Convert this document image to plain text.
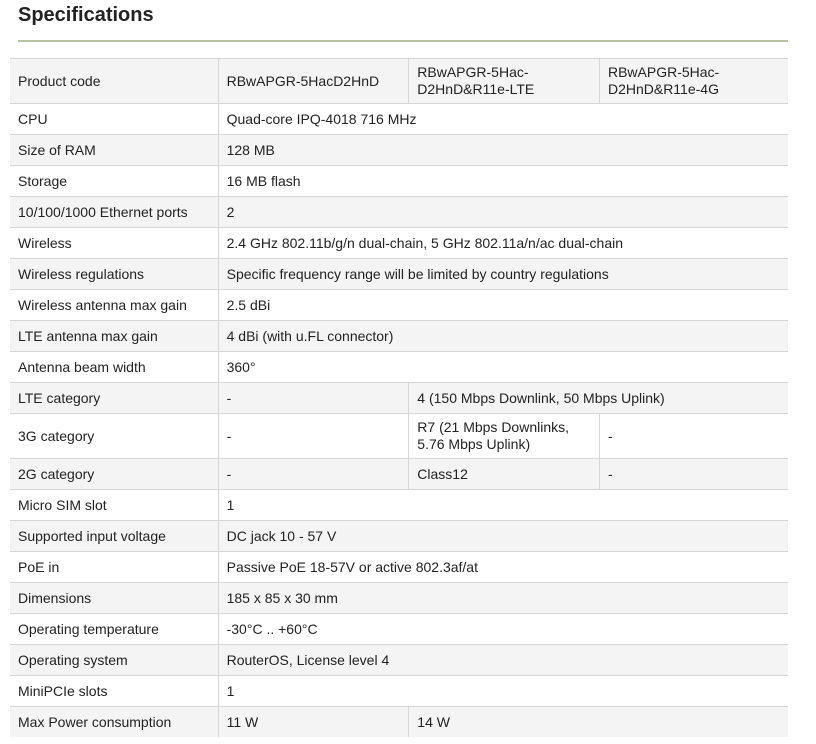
Specifications
Product code	RBwAPGR-5HacD2HnD	RBwAPGR-5Hac-D2HnD&R11e-LTE	RBwAPGR-5Hac-D2HnD&R11e-4G
CPU	Quad-core IPQ-4018 716 MHz		
Size of RAM	128 MB		
Storage	16 MB flash		
10/100/1000 Ethernet ports	2		
Wireless	2.4 GHz 802.11b/g/n dual-chain, 5 GHz 802.11a/n/ac dual-chain		
Wireless regulations	Specific frequency range will be limited by country regulations		
Wireless antenna max gain	2.5 dBi		
LTE antenna max gain	4 dBi (with u.FL connector)		
Antenna beam width	360°		
LTE category	-	4 (150 Mbps Downlink, 50 Mbps Uplink)	
3G category	-	R7 (21 Mbps Downlinks, 5.76 Mbps Uplink)	-
2G category	-	Class12	-
Micro SIM slot	1		
Supported input voltage	DC jack 10 - 57 V		
PoE in	Passive PoE 18-57V or active 802.3af/at		
Dimensions	185 x 85 x 30 mm		
Operating temperature	-30°C .. +60°C		
Operating system	RouterOS, License level 4		
MiniPCIe slots	1		
Max Power consumption	11 W	14 W	
